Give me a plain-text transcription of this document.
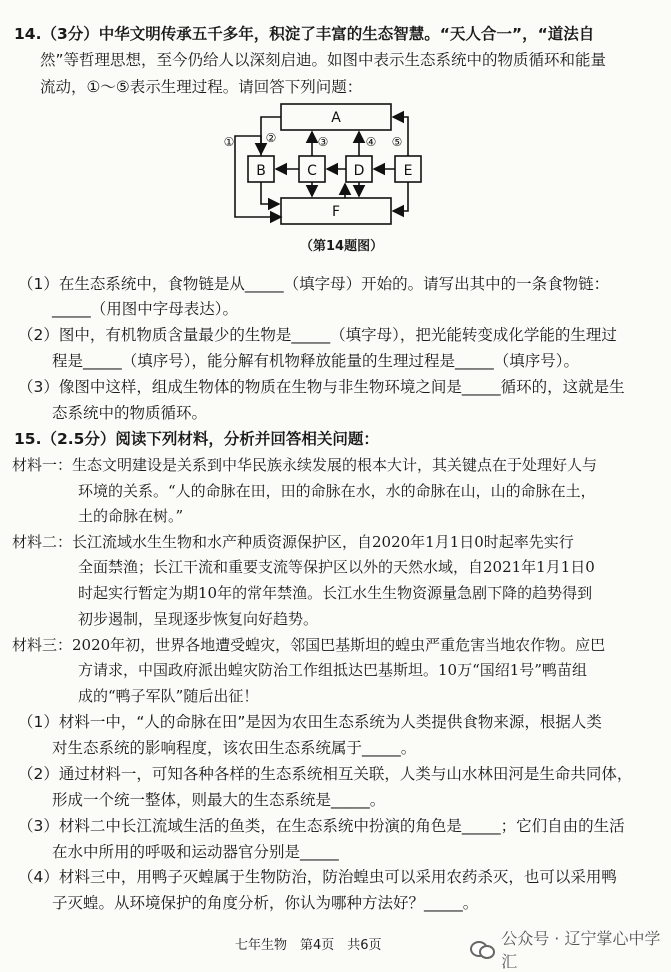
14.（3分）中华文明传承五千多年，积淀了丰富的生态智慧。“天人合一”，“道法自
然”等哲理思想，至今仍给人以深刻启迪。如图中表示生态系统中的物质循环和能量
流动，①～⑤表示生理过程。请回答下列问题：
A
B	C	D	E
F
①	②	③	④ ⑤
（第14题图）
（1）在生态系统中，食物链是从_____（填字母）开始的。请写出其中的一条食物链：
_____（用图中字母表达）。
（2）图中，有机物质含量最少的生物是_____（填字母），把光能转变成化学能的生理过
程是_____（填序号），能分解有机物释放能量的生理过程是_____（填序号）。
（3）像图中这样，组成生物体的物质在生物与非生物环境之间是_____循环的，这就是生
态系统中的物质循环。
15.（2.5分）阅读下列材料，分析并回答相关问题：
材料一：生态文明建设是关系到中华民族永续发展的根本大计，其关键点在于处理好人与
环境的关系。“人的命脉在田，田的命脉在水，水的命脉在山，山的命脉在土，
土的命脉在树。”
材料二：长江流域水生生物和水产种质资源保护区，自2020年1月1日0时起率先实行
全面禁渔；长江干流和重要支流等保护区以外的天然水域，自2021年1月1日0
时起实行暂定为期10年的常年禁渔。长江水生生物资源量急剧下降的趋势得到
初步遏制，呈现逐步恢复向好趋势。
材料三：2020年初，世界各地遭受蝗灾，邻国巴基斯坦的蝗虫严重危害当地农作物。应巴
方请求，中国政府派出蝗灾防治工作组抵达巴基斯坦。10万“国绍1号”鸭苗组
成的“鸭子军队”随后出征！
（1）材料一中，“人的命脉在田”是因为农田生态系统为人类提供食物来源，根据人类
对生态系统的影响程度，该农田生态系统属于_____。
（2）通过材料一，可知各种各样的生态系统相互关联，人类与山水林田河是生命共同体，
形成一个统一整体，则最大的生态系统是_____。
（3）材料二中长江流域生活的鱼类，在生态系统中扮演的角色是_____；它们自由的生活
在水中所用的呼吸和运动器官分别是_____
（4）材料三中，用鸭子灭蝗属于生物防治，防治蝗虫可以采用农药杀灭，也可以采用鸭
子灭蝗。从环境保护的角度分析，你认为哪种方法好？_____。
七年生物　第4页　共6页	公众号 · 辽宁掌心中学汇
